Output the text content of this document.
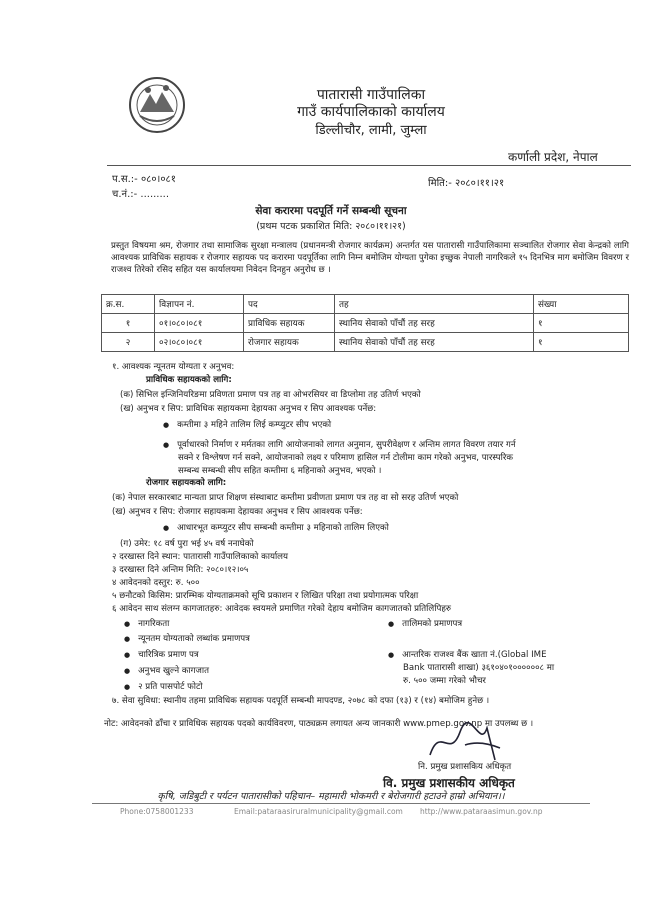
पातारासी गाउँपालिका
गाउँ कार्यपालिकाको कार्यालय
डिल्लीचौर, लामी, जुम्ला
कर्णाली प्रदेश, नेपाल
प.स.:- ०८०।०८१
च.नं.:- .........
मिति:- २०८०।११।२१
सेवा करारमा पदपूर्ति गर्ने सम्बन्धी सूचना
(प्रथम पटक प्रकाशित मिति: २०८०।११।२१)
प्रस्तुत विषयमा श्रम, रोजगार तथा सामाजिक सुरक्षा मन्त्रालय (प्रधानमन्त्री रोजगार कार्यक्रम) अन्तर्गत यस पातारासी गाउँपालिकामा सञ्चालित रोजगार सेवा केन्द्रको लागि आवश्यक प्राविधिक सहायक र रोजगार सहायक पद करारमा पदपूर्तिका लागि निम्न बमोजिम योग्यता पुगेका इच्छुक नेपाली नागरिकले १५ दिनभित्र माग बमोजिम विवरण र राजश्व तिरेको रसिद सहित यस कार्यालयमा निवेदन दिनहुन अनुरोध छ ।
क्र.स.	विज्ञापन नं.	पद	तह	संख्या
१	०१।०८०।०८१	प्राविधिक सहायक	स्थानिय सेवाको पाँचौं तह सरह	१
२	०२।०८०।०८१	रोजगार सहायक	स्थानिय सेवाको पाँचौं तह सरह	१
१. आवश्यक न्यूनतम योग्यता र अनुभव:
प्राविधिक सहायकको लागि:
(क) सिभिल इन्जिनियरिङमा प्रविणता प्रमाण पत्र तह वा ओभरसियर वा डिप्लोमा तह उतिर्ण भएको
(ख) अनुभव र सिप: प्राविधिक सहायकमा देहायका अनुभव र सिप आवश्यक पर्नेछ:
● कम्तीमा ३ महिने तालिम लिई कम्प्युटर सीप भएको
● पूर्वाधारको निर्माण र मर्मतका लागि आयोजनाको लागत अनुमान, सुपरीवेक्षण र अन्तिम लागत विवरण तयार गर्न
सक्ने र विश्लेषण गर्न सक्ने, आयोजनाको लक्ष्य र परिमाण हासिल गर्न टोलीमा काम गरेको अनुभव, पारस्परिक
सम्बन्ध सम्बन्धी सीप सहित कम्तीमा ६ महिनाको अनुभव, भएको ।
रोजगार सहायकको लागि:
(क) नेपाल सरकारबाट मान्यता प्राप्त शिक्षण संस्थाबाट कम्तीमा प्रवीणता प्रमाण पत्र तह वा सो सरह उतिर्ण भएको
(ख) अनुभव र सिप: रोजगार सहायकमा देहायका अनुभव र सिप आवश्यक पर्नेछ:
● आधारभूत कम्प्युटर सीप सम्बन्धी कम्तीमा ३ महिनाको तालिम लिएको
(ग) उमेर: १८ वर्ष पुरा भई ४५ वर्ष ननाघेको
२ दरखास्त दिने स्थान: पातारासी गाउँपालिकाको कार्यालय
३ दरखास्त दिने अन्तिम मिति: २०८०।१२।०५
४ आवेदनको दस्तुर: रु. ५००
५ छनौटको किसिम: प्रारम्भिक योग्यताक्रमको सूचि प्रकाशन र लिखित परिक्षा तथा प्रयोगात्मक परिक्षा
६ आवेदन साथ संलग्न कागजातहरु: आवेदक स्वयमले प्रमाणित गरेको देहाय बमोजिम कागजातको प्रतिलिपिहरु
● नागरिकता
● न्यूनतम योग्यताको लब्धांक प्रमाणपत्र
● चारित्रिक प्रमाण पत्र
● अनुभव खुल्ने कागजात
● २ प्रति पासपोर्ट फोटो
● तालिमको प्रमाणपत्र
● आन्तरिक राजश्व बैंक खाता नं.(Global IME
Bank पातारासी शाखा) ३६१०४०१००००००८ मा
रु. ५०० जम्मा गरेको भौचर
७. सेवा सुविधा: स्थानीय तहमा प्राविधिक सहायक पदपूर्ति सम्बन्धी मापदण्ड, २०७८ को दफा (१३) र (१४) बमोजिम हुनेछ ।
नोट: आवेदनको ढाँचा र प्राविधिक सहायक पदको कार्यविवरण, पाठ्यक्रम लगायत अन्य जानकारी www.pmep.gov.np मा उपलब्ध छ ।
नि. प्रमुख प्रशासकिय अधिकृत
वि. प्रमुख प्रशासकीय अधिकृत
कृषि, जडिबुटी र पर्यटन पातारासीको पहिचान– महामारी भोकमरी र बेरोजगारी हटाउने हाम्रो अभियान।।
Phone:0758001233	Email:pataraasiruralmunicipality@gmail.com http://www.pataraasimun.gov.np
